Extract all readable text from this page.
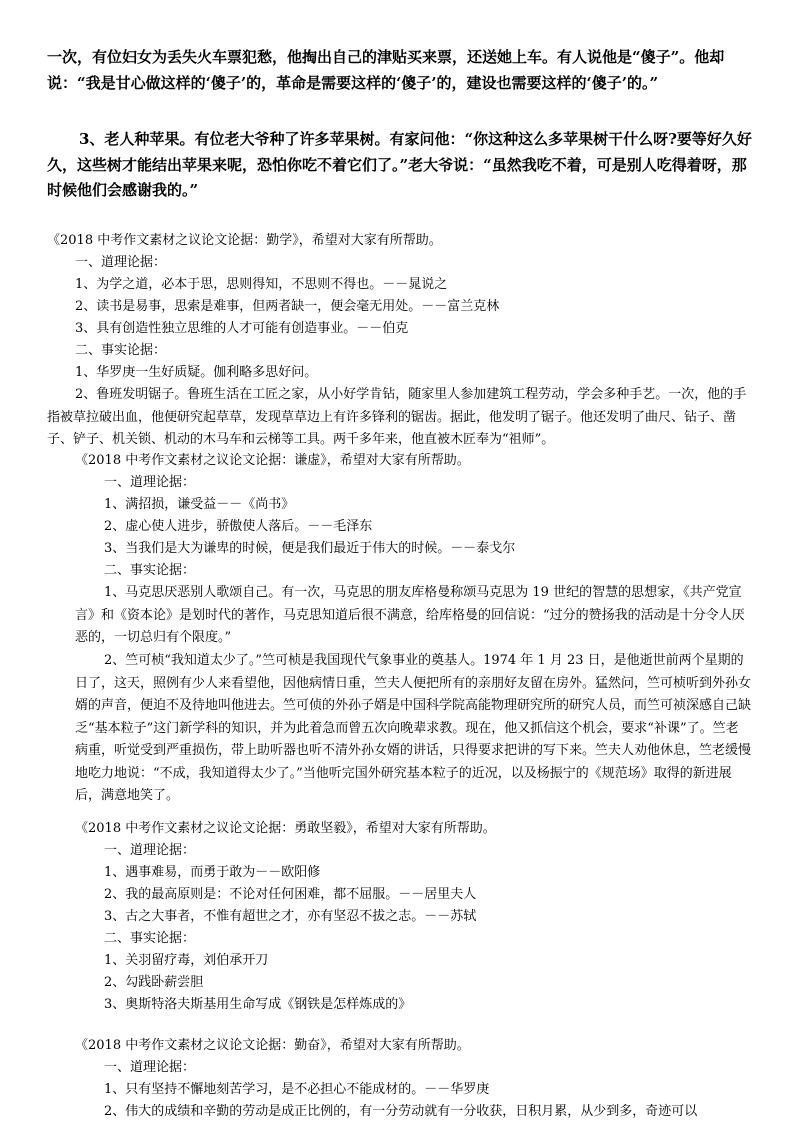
一次，有位妇女为丢失火车票犯愁，他掏出自己的津贴买来票，还送她上车。有人说他是“傻子”。他却说：“我是甘心做这样的‘傻子’的，革命是需要这样的‘傻子’的，建设也需要这样的‘傻子’的。”
3、老人种苹果。有位老大爷种了许多苹果树。有家问他：“你这种这么多苹果树干什么呀?要等好久好久，这些树才能结出苹果来呢，恐怕你吃不着它们了。”老大爷说：“虽然我吃不着，可是别人吃得着呀，那时候他们会感谢我的。”
《2018 中考作文素材之议论文论据：勤学》，希望对大家有所帮助。
一、道理论据：
1、为学之道，必本于思，思则得知，不思则不得也。－－晁说之
2、读书是易事，思索是难事，但两者缺一，便会毫无用处。－－富兰克林
3、具有创造性独立思维的人才可能有创造事业。－－伯克
二、事实论据：
1、华罗庚一生好质疑。伽利略多思好问。
2、鲁班发明锯子。鲁班生活在工匠之家，从小好学肯钻，随家里人参加建筑工程劳动，学会多种手艺。一次，他的手指被草拉破出血，他便研究起草草，发现草草边上有许多锋利的锯齿。据此，他发明了锯子。他还发明了曲尺、钻子、凿子、铲子、机关锁、机动的木马车和云梯等工具。两千多年来，他直被木匠奉为“祖师”。
《2018 中考作文素材之议论文论据：谦虚》，希望对大家有所帮助。
一、道理论据：
1、满招损，谦受益－－《尚书》
2、虚心使人进步，骄傲使人落后。－－毛泽东
3、当我们是大为谦卑的时候，便是我们最近于伟大的时候。－－泰戈尔
二、事实论据：
1、马克思厌恶别人歌颂自己。有一次，马克思的朋友库格曼称颂马克思为 19 世纪的智慧的思想家，《共产党宣言》和《资本论》是划时代的著作，马克思知道后很不满意，给库格曼的回信说：“过分的赞扬我的活动是十分令人厌恶的，一切总归有个限度。”
2、竺可桢“我知道太少了。”竺可桢是我国现代气象事业的奠基人。1974 年 1 月 23 日，是他逝世前两个星期的日了，这天，照例有少人来看望他，因他病情日重，竺夫人便把所有的亲朋好友留在房外。猛然问，竺可桢听到外孙女婿的声音，便迫不及待地叫他进去。竺可侦的外孙子婿是中国科学院高能物理研究所的研究人员，而竺可祯深感自己缺乏“基本粒子”这门新学科的知识，并为此着急而曾五次向晚辈求教。现在，他又抓信这个机会，要求“补课”了。竺老病重，听觉受到严重损伤，带上助听器也听不清外孙女婿的讲话，只得要求把讲的写下来。竺夫人劝他休息，竺老缓慢地吃力地说：“不成，我知道得太少了。”当他听完国外研究基本粒子的近况，以及杨振宁的《规范场》取得的新进展后，满意地笑了。
《2018 中考作文素材之议论文论据：勇敢坚毅》，希望对大家有所帮助。
一、道理论据：
1、遇事难易，而勇于敢为－－欧阳修
2、我的最高原则是：不论对任何困难，都不屈服。－－居里夫人
3、古之大事者，不惟有超世之才，亦有坚忍不拔之志。－－苏轼
二、事实论据：
1、关羽留疗毒，刘伯承开刀
2、勾践卧薪尝胆
3、奥斯特洛夫斯基用生命写成《钢铁是怎样炼成的》
《2018 中考作文素材之议论文论据：勤奋》，希望对大家有所帮助。
一、道理论据：
1、只有坚持不懈地刻苦学习，是不必担心不能成材的。－－华罗庚
2、伟大的成绩和辛勤的劳动是成正比例的，有一分劳动就有一分收获，日积月累，从少到多，奇迹可以
